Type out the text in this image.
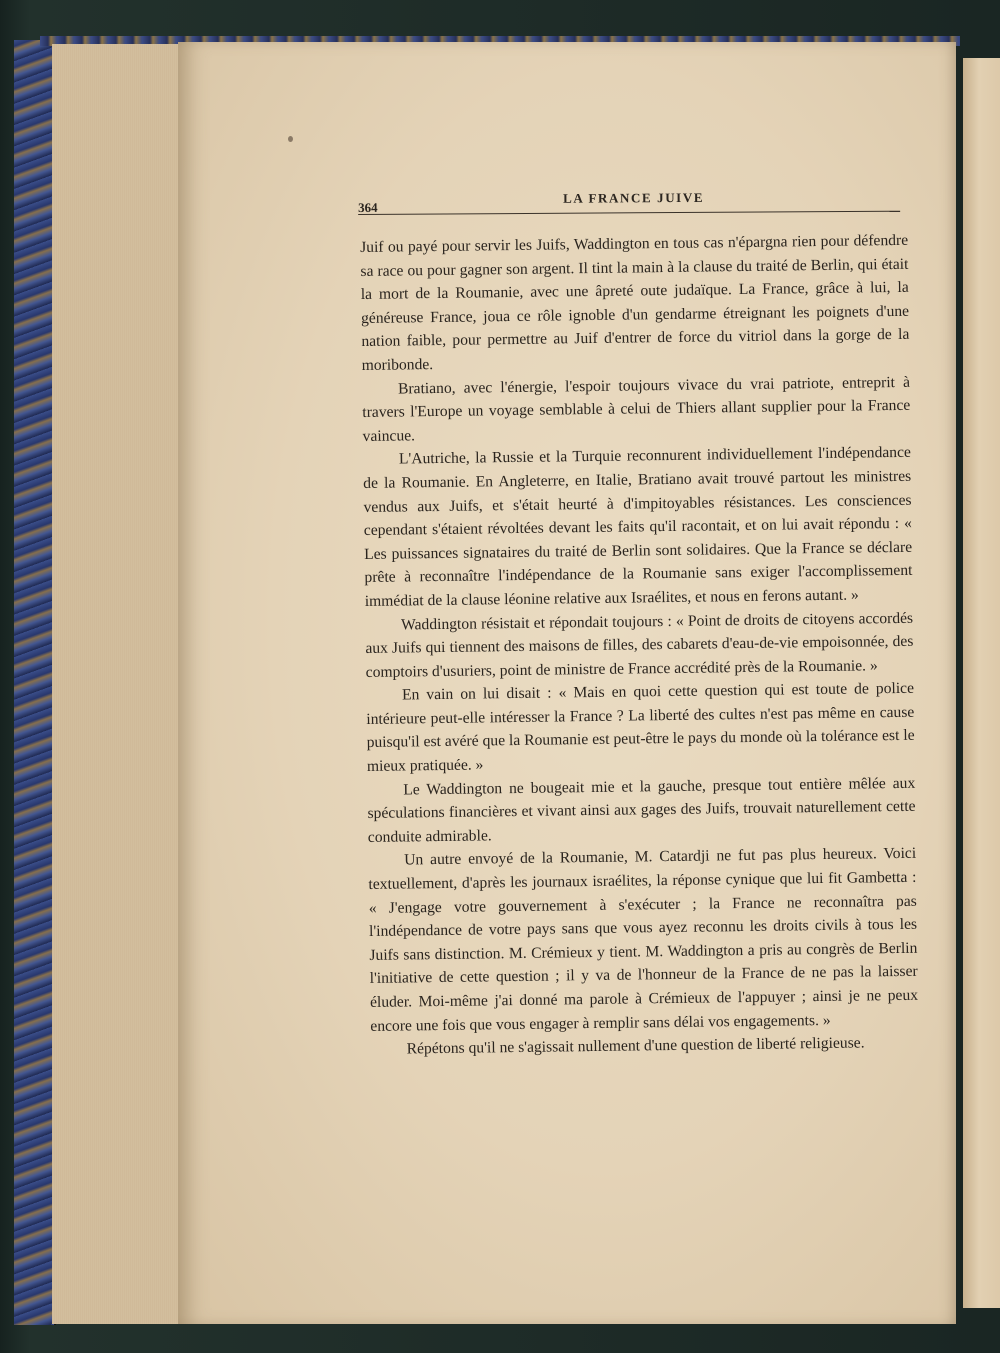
364
LA FRANCE JUIVE

Juif ou payé pour servir les Juifs, Waddington en tous cas n'épargna rien pour défendre sa race ou pour gagner son argent. Il tint la main à la clause du traité de Berlin, qui était la mort de la Roumanie, avec une âpreté oute judaïque. La France, grâce à lui, la généreuse France, joua ce rôle ignoble d'un gendarme étreignant les poignets d'une nation faible, pour permettre au Juif d'entrer de force du vitriol dans la gorge de la moribonde.

Bratiano, avec l'énergie, l'espoir toujours vivace du vrai patriote, entreprit à travers l'Europe un voyage semblable à celui de Thiers allant supplier pour la France vaincue.

L'Autriche, la Russie et la Turquie reconnurent individuellement l'indépendance de la Roumanie. En Angleterre, en Italie, Bratiano avait trouvé partout les ministres vendus aux Juifs, et s'était heurté à d'impitoyables résistances. Les consciences cependant s'étaient révoltées devant les faits qu'il racontait, et on lui avait répondu : « Les puissances signataires du traité de Berlin sont solidaires. Que la France se déclare prête à reconnaître l'indépendance de la Roumanie sans exiger l'accomplissement immédiat de la clause léonine relative aux Israélites, et nous en ferons autant. »

Waddington résistait et répondait toujours : « Point de droits de citoyens accordés aux Juifs qui tiennent des maisons de filles, des cabarets d'eau-de-vie empoisonnée, des comptoirs d'usuriers, point de ministre de France accrédité près de la Roumanie. »

En vain on lui disait : « Mais en quoi cette question qui est toute de police intérieure peut-elle intéresser la France ? La liberté des cultes n'est pas même en cause puisqu'il est avéré que la Roumanie est peut-être le pays du monde où la tolérance est le mieux pratiquée. »

Le Waddington ne bougeait mie et la gauche, presque tout entière mêlée aux spéculations financières et vivant ainsi aux gages des Juifs, trouvait naturellement cette conduite admirable.

Un autre envoyé de la Roumanie, M. Catardji ne fut pas plus heureux. Voici textuellement, d'après les journaux israélites, la réponse cynique que lui fit Gambetta : « J'engage votre gouvernement à s'exécuter ; la France ne reconnaîtra pas l'indépendance de votre pays sans que vous ayez reconnu les droits civils à tous les Juifs sans distinction. M. Crémieux y tient. M. Waddington a pris au congrès de Berlin l'initiative de cette question ; il y va de l'honneur de la France de ne pas la laisser éluder. Moi-même j'ai donné ma parole à Crémieux de l'appuyer ; ainsi je ne peux encore une fois que vous engager à remplir sans délai vos engagements. »

Répétons qu'il ne s'agissait nullement d'une question de liberté religieuse.
